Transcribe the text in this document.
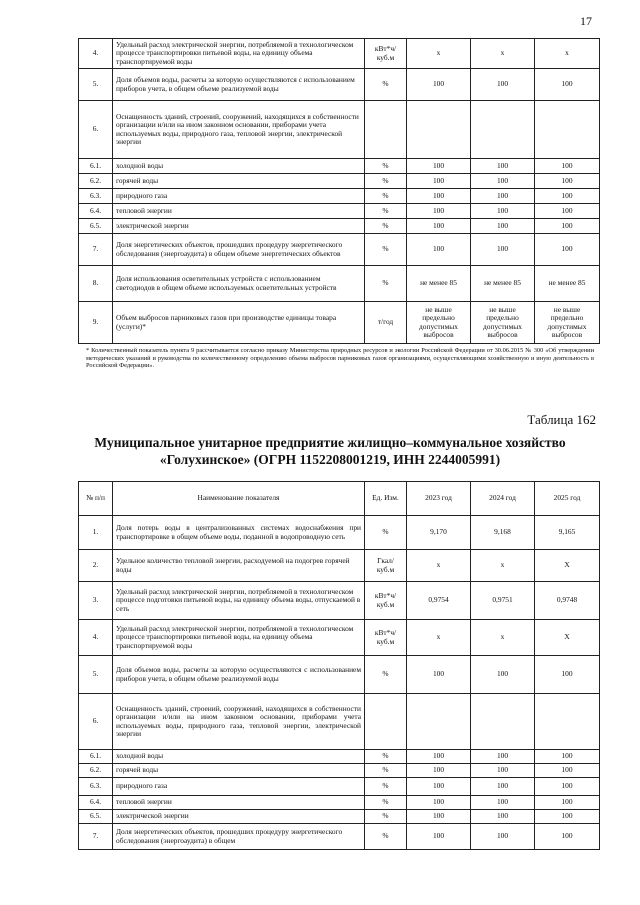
17
4.	Удельный расход электрической энергии, потребляемой в технологическом процессе транспортировки питьевой воды, на единицу объема транспортируемой воды	кВт*ч/ куб.м	х	х	х
5.	Доля объемов воды, расчеты за которую осуществляются с использованием приборов учета, в общем объеме реализуемой воды	%	100	100	100
6.	Оснащенность зданий, строений, сооружений, находящихся в собственности организации и/или на ином законном основании, приборами учета используемых воды, природного газа, тепловой энергии, электрической энергии				
6.1.	холодной воды	%	100	100	100
6.2.	горячей воды	%	100	100	100
6.3.	природного газа	%	100	100	100
6.4.	тепловой энергии	%	100	100	100
6.5.	электрической энергии	%	100	100	100
7.	Доля энергетических объектов, прошедших процедуру энергетического обследования (энергоаудита) в общем объеме энергетических объектов	%	100	100	100
8.	Доля использования осветительных устройств с использованием светодиодов в общем объеме используемых осветительных устройств	%	не менее 85	не менее 85	не менее 85
9.	Объем выбросов парниковых газов при производстве единицы товара (услуги)*	т/год	не выше предельно допустимых выбросов	не выше предельно допустимых выбросов	не выше предельно допустимых выбросов
* Количественный показатель пункта 9 рассчитывается согласно приказу Министерства природных ресурсов и экологии Российской Федерации от 30.06.2015 № 300 «Об утверждении методических указаний и руководства по количественному определению объема выбросов парниковых газов организациями, осуществляющими хозяйственную и иную деятельность в Российской Федерации».
Таблица 162
Муниципальное унитарное предприятие жилищно–коммунальное хозяйство
«Голухинское» (ОГРН 1152208001219, ИНН 2244005991)
№ п/п	Наименование показателя	Ед. Изм.	2023 год	2024 год	2025 год
1.	Доля потерь воды в централизованных системах водоснабжения при транспортировке в общем объеме воды, поданной в водопроводную сеть	%	9,170	9,168	9,165
2.	Удельное количество тепловой энергии, расходуемой на подогрев горячей воды	Гкал/ куб.м	х	х	Х
3.	Удельный расход электрической энергии, потребляемой в технологическом процессе подготовки питьевой воды, на единицу объема воды, отпускаемой в сеть	кВт*ч/ куб.м	0,9754	0,9751	0,9748
4.	Удельный расход электрической энергии, потребляемой в технологическом процессе транспортировки питьевой воды, на единицу объема транспортируемой воды	кВт*ч/ куб.м	х	х	Х
5.	Доля объемов воды, расчеты за которую осуществляются с использованием приборов учета, в общем объеме реализуемой воды	%	100	100	100
6.	Оснащенность зданий, строений, сооружений, находящихся в собственности организации и/или на ином законном основании, приборами учета используемых воды, природного газа, тепловой энергии, электрической энергии				
6.1.	холодной воды	%	100	100	100
6.2.	горячей воды	%	100	100	100
6.3.	природного газа	%	100	100	100
6.4.	тепловой энергии	%	100	100	100
6.5.	электрической энергии	%	100	100	100
7.	Доля энергетических объектов, прошедших процедуру энергетического обследования (энергоаудита) в общем	%	100	100	100
